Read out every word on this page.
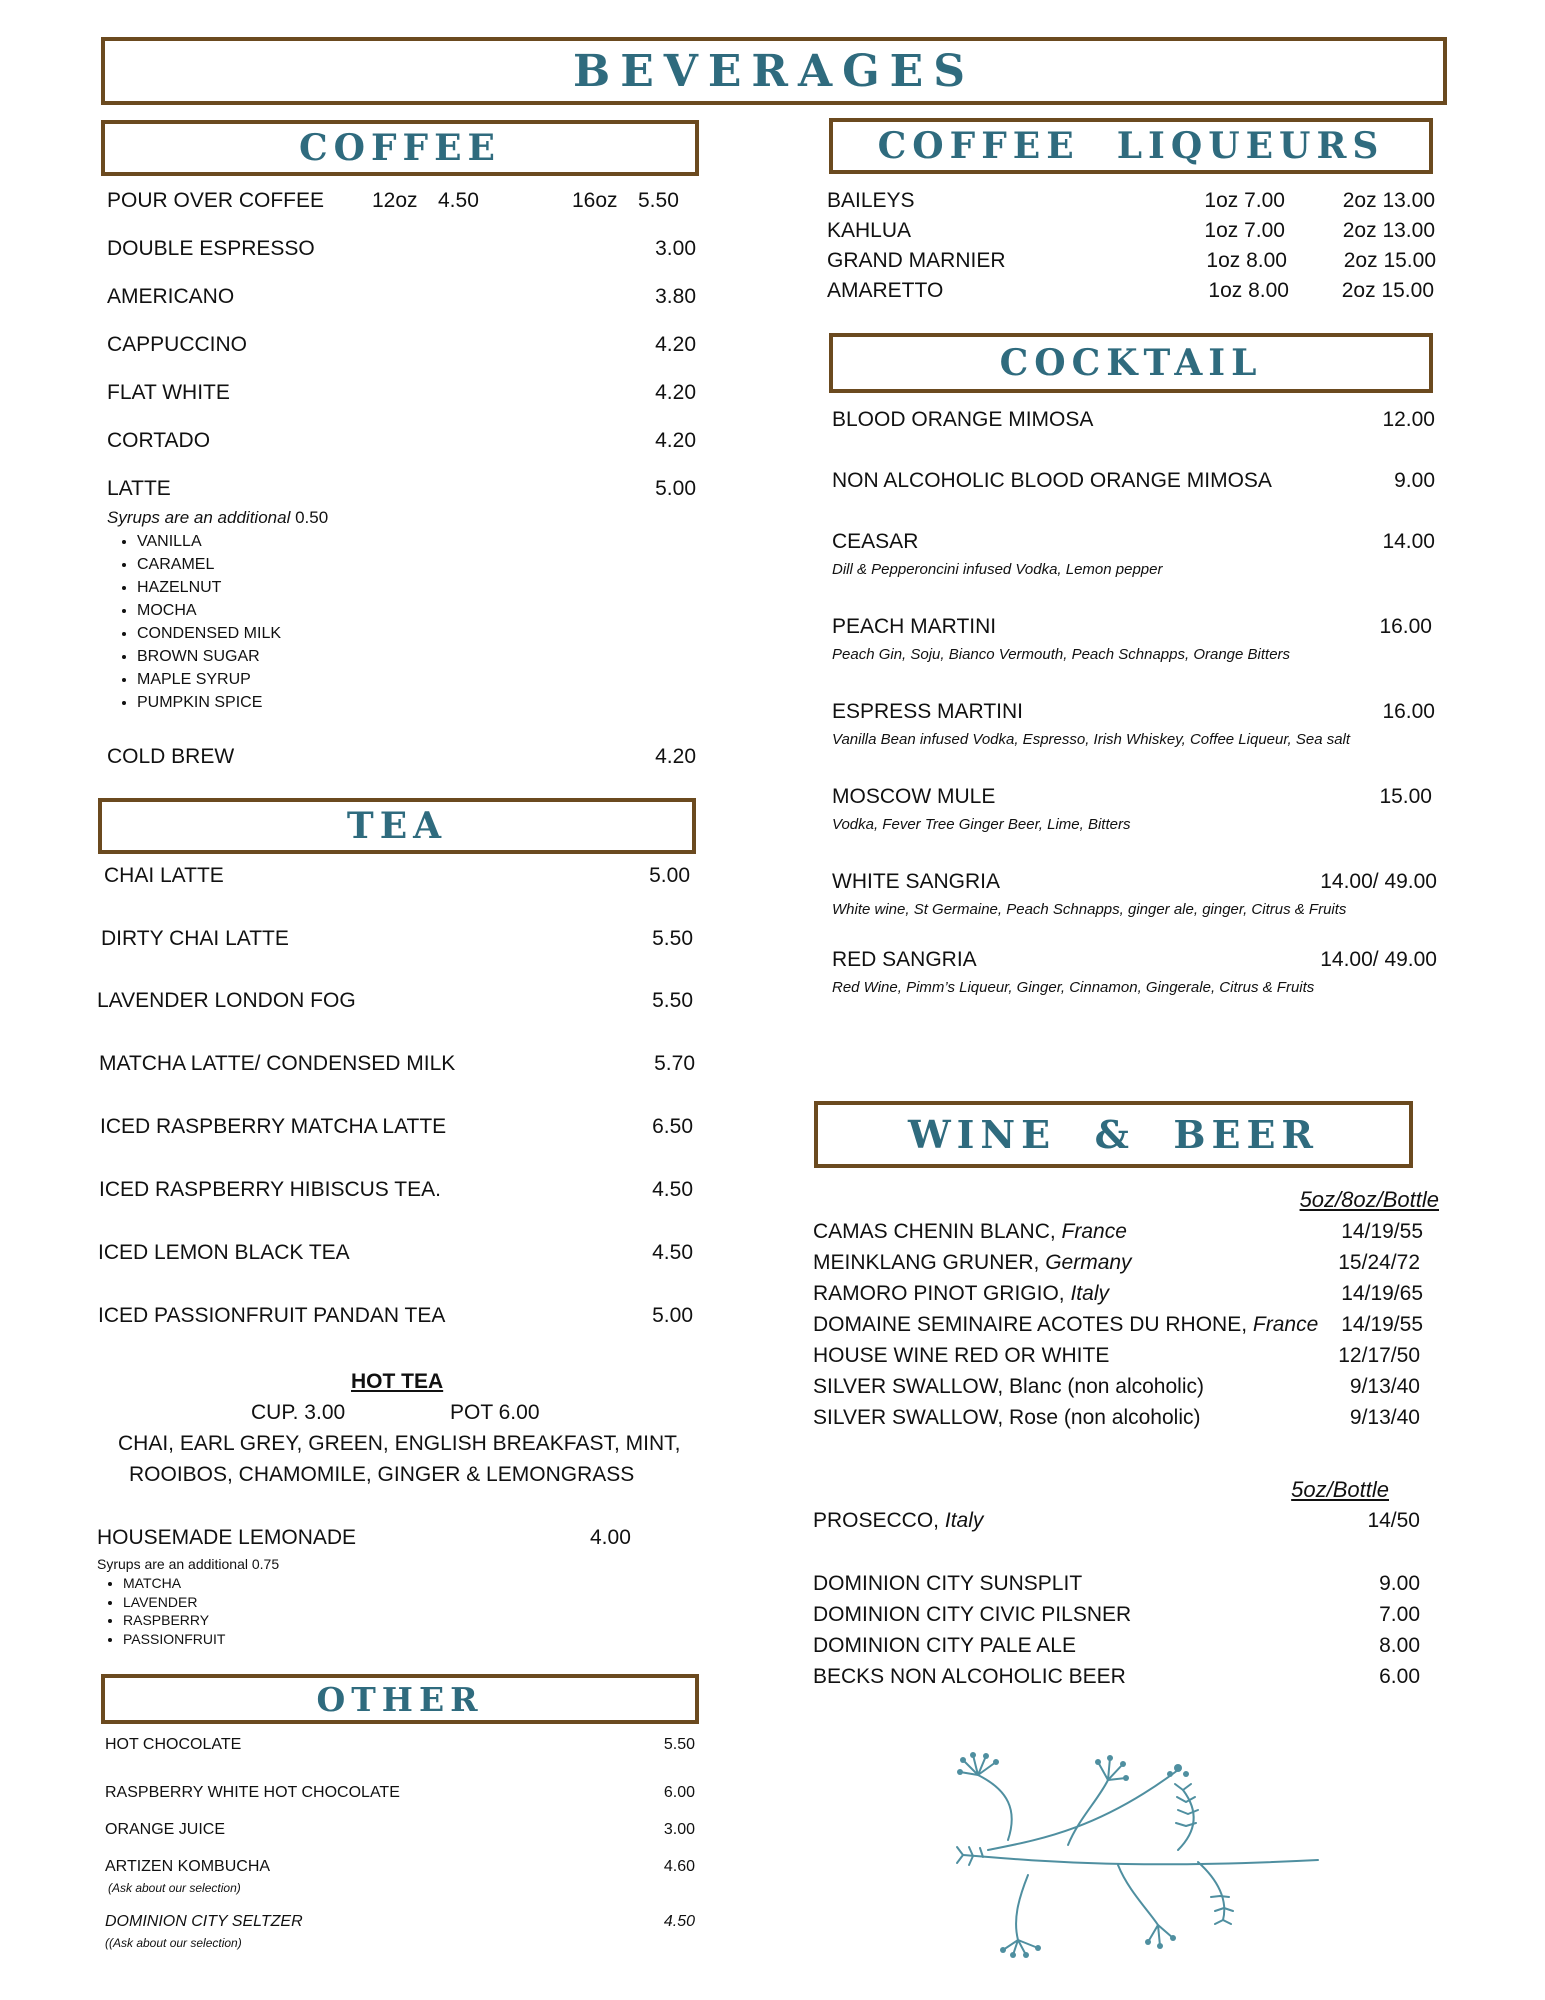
BEVERAGES
COFFEE
POUR OVER COFFEE 12oz 4.50	16oz 5.50
DOUBLE ESPRESSO	3.00
AMERICANO	3.80
CAPPUCCINO	4.20
FLAT WHITE	4.20
CORTADO	4.20
LATTE	5.00
Syrups are an additional 0.50
• VANILLA
• CARAMEL
• HAZELNUT
• MOCHA
• CONDENSED MILK
• BROWN SUGAR
• MAPLE SYRUP
• PUMPKIN SPICE
COLD BREW	4.20
TEA
CHAI LATTE	5.00
DIRTY CHAI LATTE	5.50
LAVENDER LONDON FOG	5.50
MATCHA LATTE/ CONDENSED MILK	5.70
ICED RASPBERRY MATCHA LATTE	6.50
ICED RASPBERRY HIBISCUS TEA.	4.50
ICED LEMON BLACK TEA	4.50
ICED PASSIONFRUIT PANDAN TEA	5.00
HOT TEA
CUP. 3.00	POT 6.00
CHAI, EARL GREY, GREEN, ENGLISH BREAKFAST, MINT,
ROOIBOS, CHAMOMILE, GINGER & LEMONGRASS
HOUSEMADE LEMONADE	4.00
Syrups are an additional 0.75
• MATCHA
• LAVENDER
• RASPBERRY
• PASSIONFRUIT
OTHER
HOT CHOCOLATE	5.50
RASPBERRY WHITE HOT CHOCOLATE	6.00
ORANGE JUICE	3.00
ARTIZEN KOMBUCHA	4.60
(Ask about our selection)
DOMINION CITY SELTZER	4.50
((Ask about our selection)
COFFEE  LIQUEURS
BAILEYS	1oz 7.00	2oz 13.00
KAHLUA	1oz 7.00	2oz 13.00
GRAND MARNIER	1oz 8.00	2oz 15.00
AMARETTO	1oz 8.00	2oz 15.00
COCKTAIL
BLOOD ORANGE MIMOSA	12.00
NON ALCOHOLIC BLOOD ORANGE MIMOSA	9.00
CEASAR	14.00
Dill & Pepperoncini infused Vodka, Lemon pepper
PEACH MARTINI	16.00
Peach Gin, Soju, Bianco Vermouth, Peach Schnapps, Orange Bitters
ESPRESS MARTINI	16.00
Vanilla Bean infused Vodka, Espresso, Irish Whiskey, Coffee Liqueur, Sea salt
MOSCOW MULE	15.00
Vodka, Fever Tree Ginger Beer, Lime, Bitters
WHITE SANGRIA	14.00/ 49.00
White wine, St Germaine, Peach Schnapps, ginger ale, ginger, Citrus & Fruits
RED SANGRIA	14.00/ 49.00
Red Wine, Pimm’s Liqueur, Ginger, Cinnamon, Gingerale, Citrus & Fruits
WINE  &  BEER
5oz/8oz/Bottle
CAMAS CHENIN BLANC, France	14/19/55
MEINKLANG GRUNER, Germany	15/24/72
RAMORO PINOT GRIGIO, Italy	14/19/65
DOMAINE SEMINAIRE ACOTES DU RHONE, France 14/19/55
HOUSE WINE RED OR WHITE	12/17/50
SILVER SWALLOW, Blanc (non alcoholic)	9/13/40
SILVER SWALLOW, Rose (non alcoholic)	9/13/40
5oz/Bottle
PROSECCO, Italy	14/50
DOMINION CITY SUNSPLIT	9.00
DOMINION CITY CIVIC PILSNER	7.00
DOMINION CITY PALE ALE	8.00
BECKS NON ALCOHOLIC BEER	6.00
